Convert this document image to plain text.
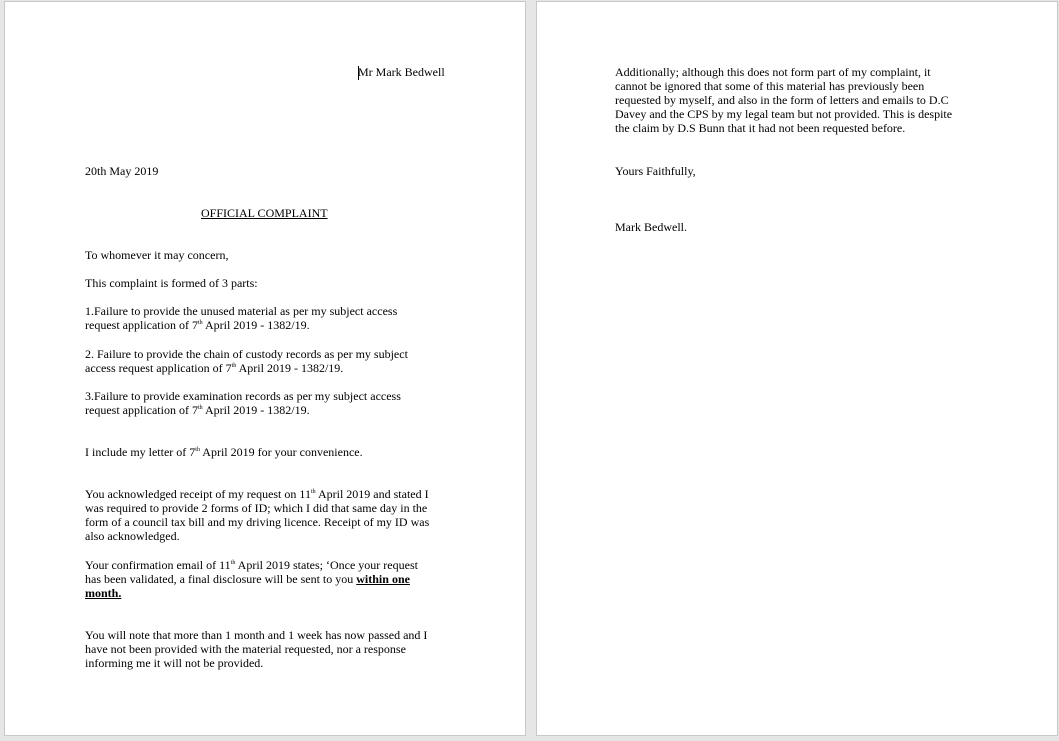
Mr Mark Bedwell

20th May 2019

OFFICIAL COMPLAINT

To whomever it may concern,

This complaint is formed of 3 parts:

1.Failure to provide the unused material as per my subject access
request application of 7th April 2019 - 1382/19.
2. Failure to provide the chain of custody records as per my subject
access request application of 7th April 2019 - 1382/19.
3.Failure to provide examination records as per my subject access
request application of 7th April 2019 - 1382/19.

I include my letter of 7th April 2019 for your convenience.

You acknowledged receipt of my request on 11th April 2019 and stated I
was required to provide 2 forms of ID; which I did that same day in the
form of a council tax bill and my driving licence. Receipt of my ID was
also acknowledged.
Your confirmation email of 11th April 2019 states; ‘Once your request
has been validated, a final disclosure will be sent to you within one
month.
You will note that more than 1 month and 1 week has now passed and I
have not been provided with the material requested, nor a response
informing me it will not be provided.
Additionally; although this does not form part of my complaint, it
cannot be ignored that some of this material has previously been
requested by myself, and also in the form of letters and emails to D.C
Davey and the CPS by my legal team but not provided. This is despite
the claim by D.S Bunn that it had not been requested before.

Yours Faithfully,

Mark Bedwell.
